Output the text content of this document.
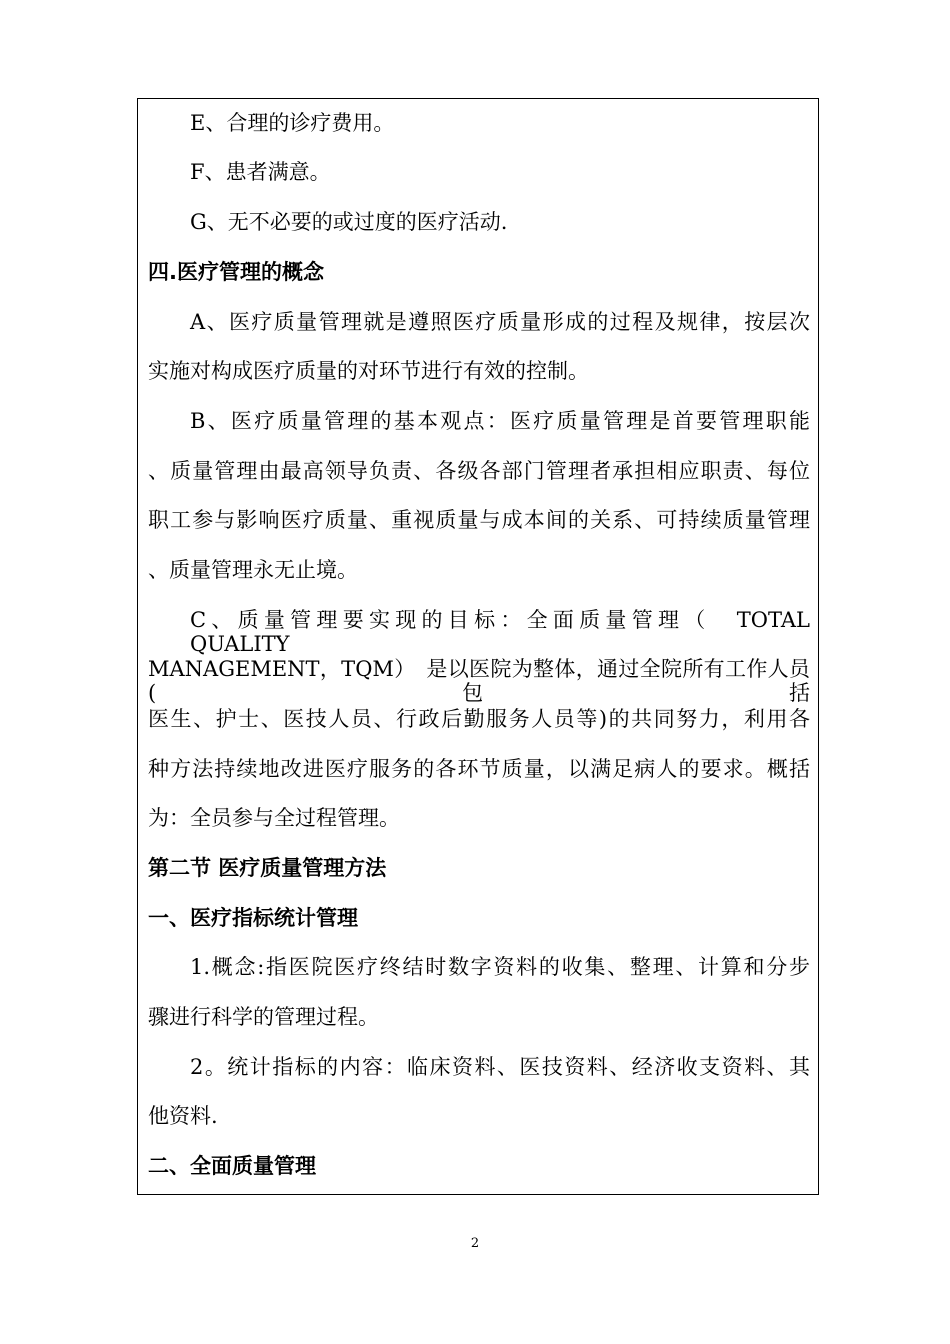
E、合理的诊疗费用。
F、患者满意。
G、无不必要的或过度的医疗活动.
四.医疗管理的概念
A、医疗质量管理就是遵照医疗质量形成的过程及规律，按层次
实施对构成医疗质量的对环节进行有效的控制。
B、医疗质量管理的基本观点：医疗质量管理是首要管理职能
、质量管理由最高领导负责、各级各部门管理者承担相应职责、每位
职工参与影响医疗质量、重视质量与成本间的关系、可持续质量管理
、质量管理永无止境。
C、质量管理要实现的目标：全面质量管理（　TOTAL　QUALITY
MANAGEMENT，TQM）　是以医院为整体，通过全院所有工作人员(包括
医生、护士、医技人员、行政后勤服务人员等)的共同努力，利用各
种方法持续地改进医疗服务的各环节质量，以满足病人的要求。概括
为：全员参与全过程管理。
第二节 医疗质量管理方法
一、医疗指标统计管理
1.概念:指医院医疗终结时数字资料的收集、整理、计算和分步
骤进行科学的管理过程。
2。统计指标的内容：临床资料、医技资料、经济收支资料、其
他资料.
二、全面质量管理
2
